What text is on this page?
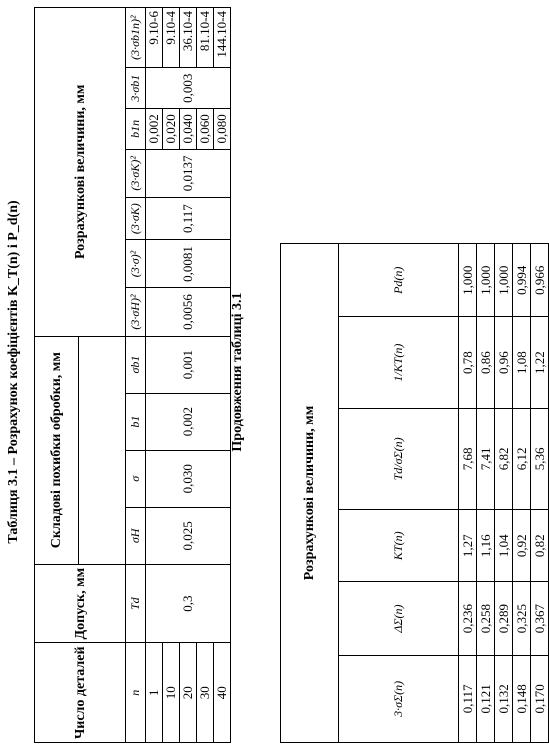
Таблиця 3.1 – Розрахунок коефіцієнтів K_Т(n) і P_d(n)
Число деталей	Допуск, мм	Складові похибки обробки, мм				Розрахункові величини, мм						

n	Td	σH	σ	b1	σb1	(3·σH)²	(3·σ)²	(3·σK)	(3·σK)²	b1n	3·σb1	(3·σb1n)²
1	0,3	0,025	0,030	0,002	0,001	0,0056	0,0081	0,117	0,0137	0,002	0,003	9.10-6
10										0,020		9.10-4
20										0,040		36.10-4
30										0,060		81.10-4
40										0,080		144.10-4
Продовження таблиці 3.1
Розрахункові величини, мм					
3·σΣ(n)	ΔΣ(n)	KТ(n)	Td/σΣ(n)	1/KТ(n)	Pd(n)
0,117	0,236	1,27	7,68	0,78	1,000
0,121	0,258	1,16	7,41	0,86	1,000
0,132	0,289	1,04	6,82	0,96	1,000
0,148	0,325	0,92	6,12	1,08	0,994
0,170	0,367	0,82	5,36	1,22	0,966
